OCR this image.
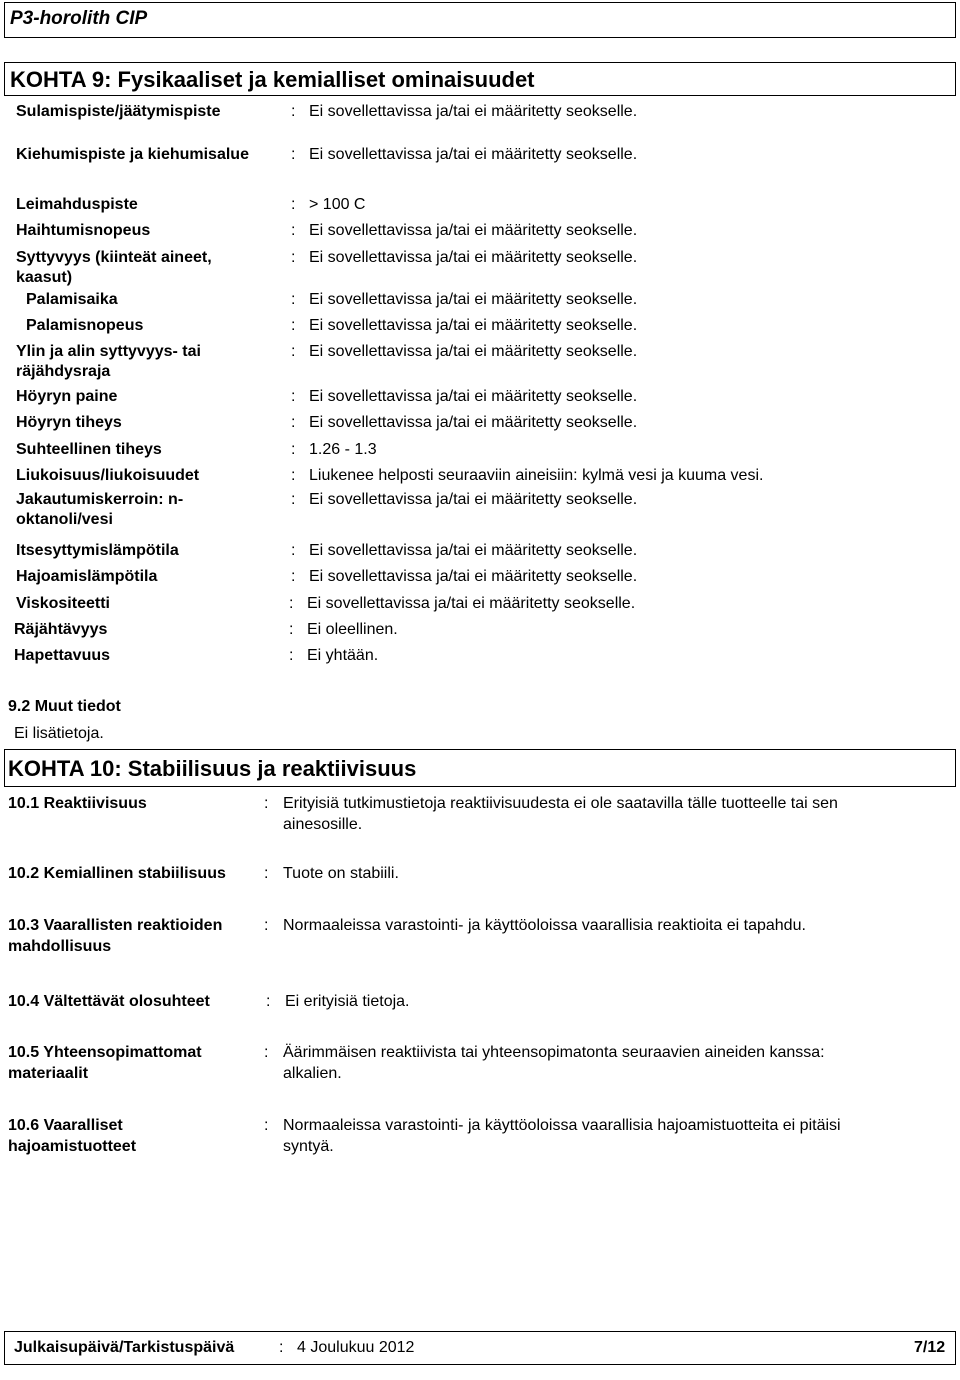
P3-horolith CIP
KOHTA 9: Fysikaaliset ja kemialliset ominaisuudet
Sulamispiste/jäätymispiste	: Ei sovellettavissa ja/tai ei määritetty seokselle.
Kiehumispiste ja kiehumisalue	: Ei sovellettavissa ja/tai ei määritetty seokselle.
Leimahduspiste	: > 100 C
Haihtumisnopeus	: Ei sovellettavissa ja/tai ei määritetty seokselle.
Syttyvyys (kiinteät aineet,
kaasut)
: Ei sovellettavissa ja/tai ei määritetty seokselle.
Palamisaika	: Ei sovellettavissa ja/tai ei määritetty seokselle.
Palamisnopeus	: Ei sovellettavissa ja/tai ei määritetty seokselle.
Ylin ja alin syttyvyys- tai
räjähdysraja
: Ei sovellettavissa ja/tai ei määritetty seokselle.
Höyryn paine	: Ei sovellettavissa ja/tai ei määritetty seokselle.
Höyryn tiheys	: Ei sovellettavissa ja/tai ei määritetty seokselle.
Suhteellinen tiheys	: 1.26 - 1.3
Liukoisuus/liukoisuudet	: Liukenee helposti seuraaviin aineisiin: kylmä vesi ja kuuma vesi.
Jakautumiskerroin: n-
oktanoli/vesi
: Ei sovellettavissa ja/tai ei määritetty seokselle.
Itsesyttymislämpötila	: Ei sovellettavissa ja/tai ei määritetty seokselle.
Hajoamislämpötila	: Ei sovellettavissa ja/tai ei määritetty seokselle.
Viskositeetti	: Ei sovellettavissa ja/tai ei määritetty seokselle.
Räjähtävyys	: Ei oleellinen.
Hapettavuus	: Ei yhtään.
9.2 Muut tiedot
Ei lisätietoja.
KOHTA 10: Stabiilisuus ja reaktiivisuus
10.1 Reaktiivisuus	: Erityisiä tutkimustietoja reaktiivisuudesta ei ole saatavilla tälle tuotteelle tai sen
ainesosille.
10.2 Kemiallinen stabiilisuus : Tuote on stabiili.
10.3 Vaarallisten reaktioiden
mahdollisuus
: Normaaleissa varastointi- ja käyttöoloissa vaarallisia reaktioita ei tapahdu.
10.4 Vältettävät olosuhteet	: Ei erityisiä tietoja.
10.5 Yhteensopimattomat
materiaalit
: Äärimmäisen reaktiivista tai yhteensopimatonta seuraavien aineiden kanssa:
alkalien.
10.6 Vaaralliset
hajoamistuotteet
: Normaaleissa varastointi- ja käyttöoloissa vaarallisia hajoamistuotteita ei pitäisi
syntyä.
Julkaisupäivä/Tarkistuspäivä	: 4 Joulukuu 2012	7/12
